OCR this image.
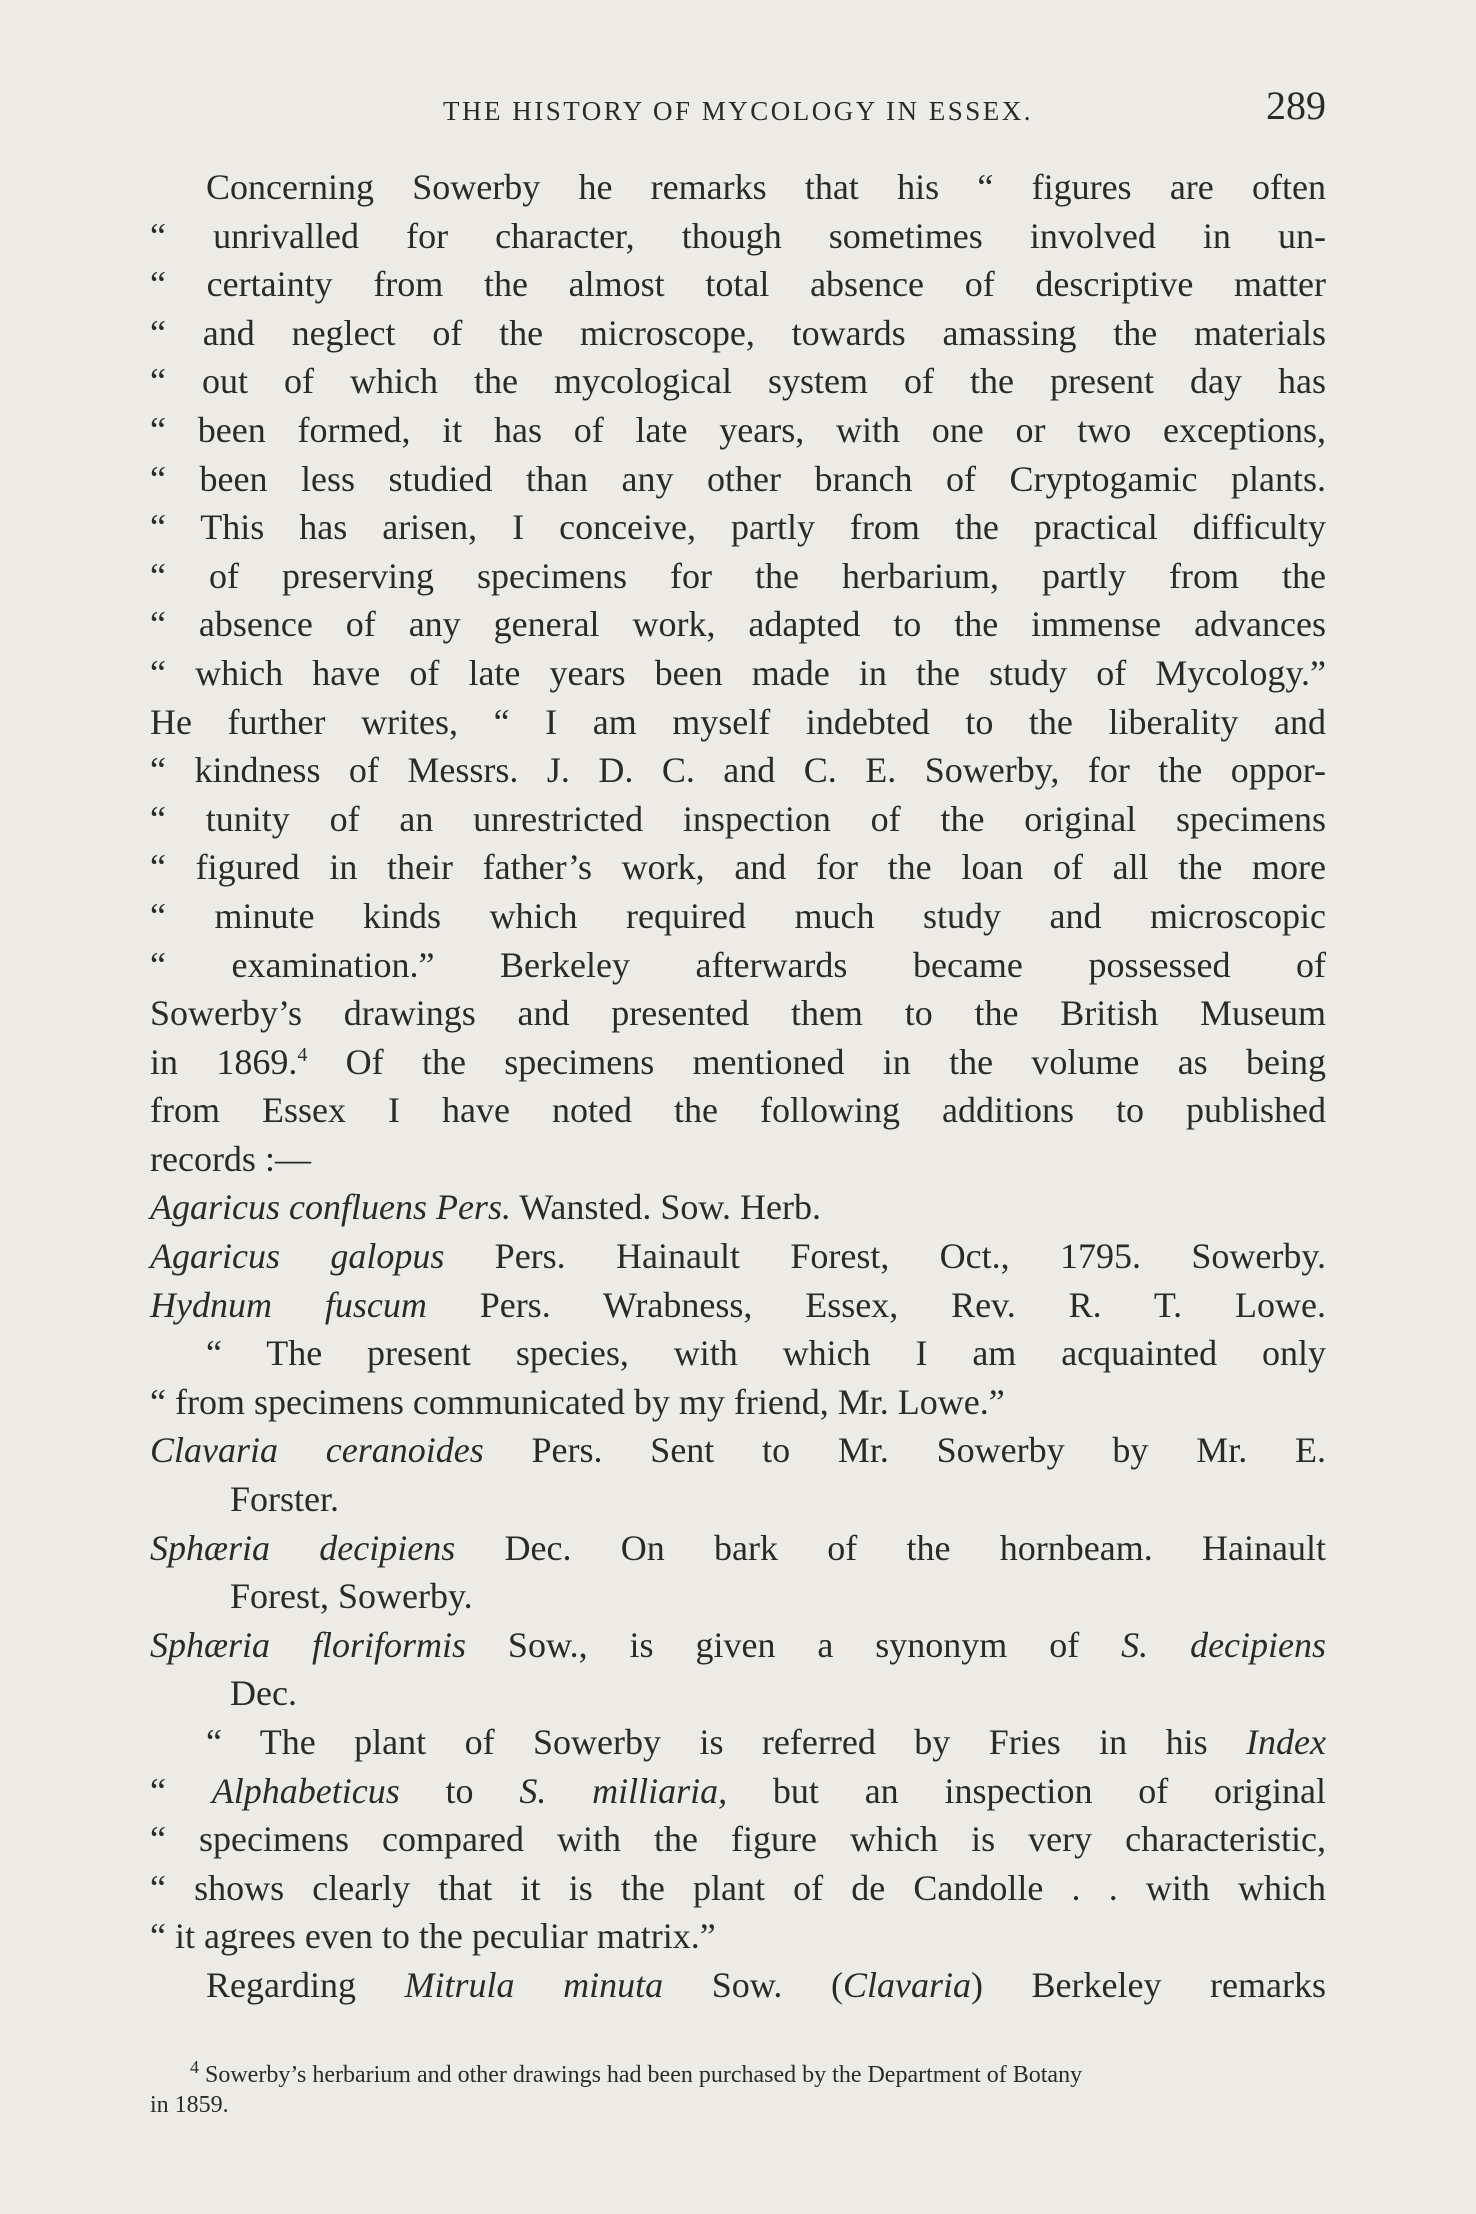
THE HISTORY OF MYCOLOGY IN ESSEX.	289
Concerning Sowerby he remarks that his “ figures are often
“ unrivalled for character, though sometimes involved in un-
“ certainty from the almost total absence of descriptive matter
“ and neglect of the microscope, towards amassing the materials
“ out of which the mycological system of the present day has
“ been formed, it has of late years, with one or two exceptions,
“ been less studied than any other branch of Cryptogamic plants.
“ This has arisen, I conceive, partly from the practical difficulty
“ of preserving specimens for the herbarium, partly from the
“ absence of any general work, adapted to the immense advances
“ which have of late years been made in the study of Mycology.”
He further writes, “ I am myself indebted to the liberality and
“ kindness of Messrs. J. D. C. and C. E. Sowerby, for the oppor-
“ tunity of an unrestricted inspection of the original specimens
“ figured in their father’s work, and for the loan of all the more
“ minute kinds which required much study and microscopic
“ examination.” Berkeley afterwards became possessed of
Sowerby’s drawings and presented them to the British Museum
in 1869.$^4$ Of the specimens mentioned in the volume as being
from Essex I have noted the following additions to published
records :—
Agaricus confluens Pers. Wansted. Sow. Herb.
Agaricus galopus Pers. Hainault Forest, Oct., 1795. Sowerby.
Hydnum fuscum Pers. Wrabness, Essex, Rev. R. T. Lowe.
“ The present species, with which I am acquainted only
“ from specimens communicated by my friend, Mr. Lowe.”
Clavaria ceranoides Pers. Sent to Mr. Sowerby by Mr. E.
Forster.
Sphæria decipiens Dec. On bark of the hornbeam. Hainault
Forest, Sowerby.
Sphæria floriformis Sow., is given a synonym of S. decipiens
Dec.
“ The plant of Sowerby is referred by Fries in his Index
“ Alphabeticus to S. milliaria, but an inspection of original
“ specimens compared with the figure which is very characteristic,
“ shows clearly that it is the plant of de Candolle . . with which
“ it agrees even to the peculiar matrix.”
Regarding Mitrula minuta Sow. (Clavaria) Berkeley remarks
$^4$ Sowerby’s herbarium and other drawings had been purchased by the Department of Botany
in 1859.
